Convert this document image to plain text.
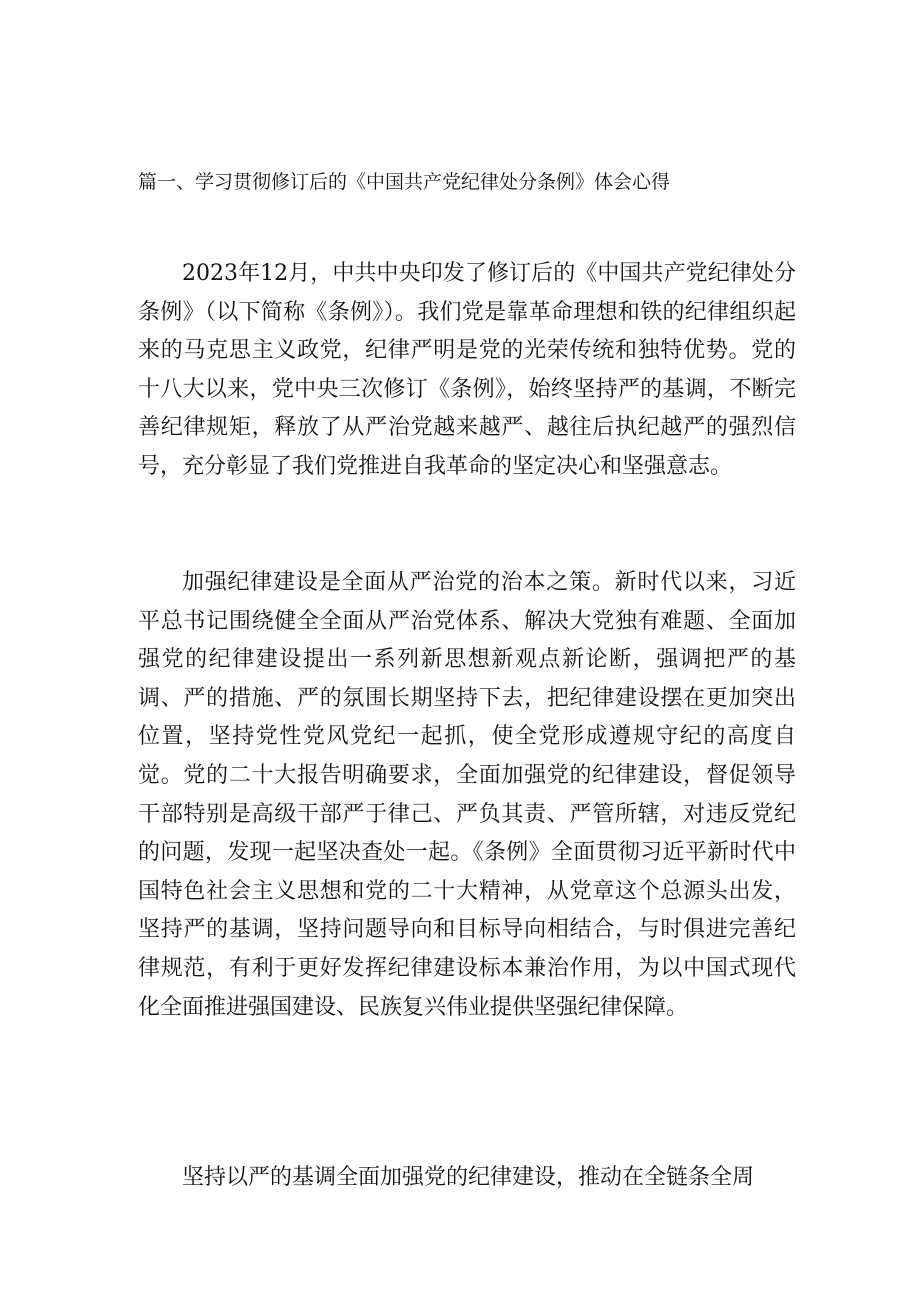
篇一、学习贯彻修订后的《中国共产党纪律处分条例》体会心得

2023年12月，中共中央印发了修订后的《中国共产党纪律处分条例》（以下简称《条例》）。我们党是靠革命理想和铁的纪律组织起来的马克思主义政党，纪律严明是党的光荣传统和独特优势。党的十八大以来，党中央三次修订《条例》，始终坚持严的基调，不断完善纪律规矩，释放了从严治党越来越严、越往后执纪越严的强烈信号，充分彰显了我们党推进自我革命的坚定决心和坚强意志。

加强纪律建设是全面从严治党的治本之策。新时代以来，习近平总书记围绕健全全面从严治党体系、解决大党独有难题、全面加强党的纪律建设提出一系列新思想新观点新论断，强调把严的基调、严的措施、严的氛围长期坚持下去，把纪律建设摆在更加突出位置，坚持党性党风党纪一起抓，使全党形成遵规守纪的高度自觉。党的二十大报告明确要求，全面加强党的纪律建设，督促领导干部特别是高级干部严于律己、严负其责、严管所辖，对违反党纪的问题，发现一起坚决查处一起。《条例》全面贯彻习近平新时代中国特色社会主义思想和党的二十大精神，从党章这个总源头出发，坚持严的基调，坚持问题导向和目标导向相结合，与时俱进完善纪律规范，有利于更好发挥纪律建设标本兼治作用，为以中国式现代化全面推进强国建设、民族复兴伟业提供坚强纪律保障。

坚持以严的基调全面加强党的纪律建设，推动在全链条全周
